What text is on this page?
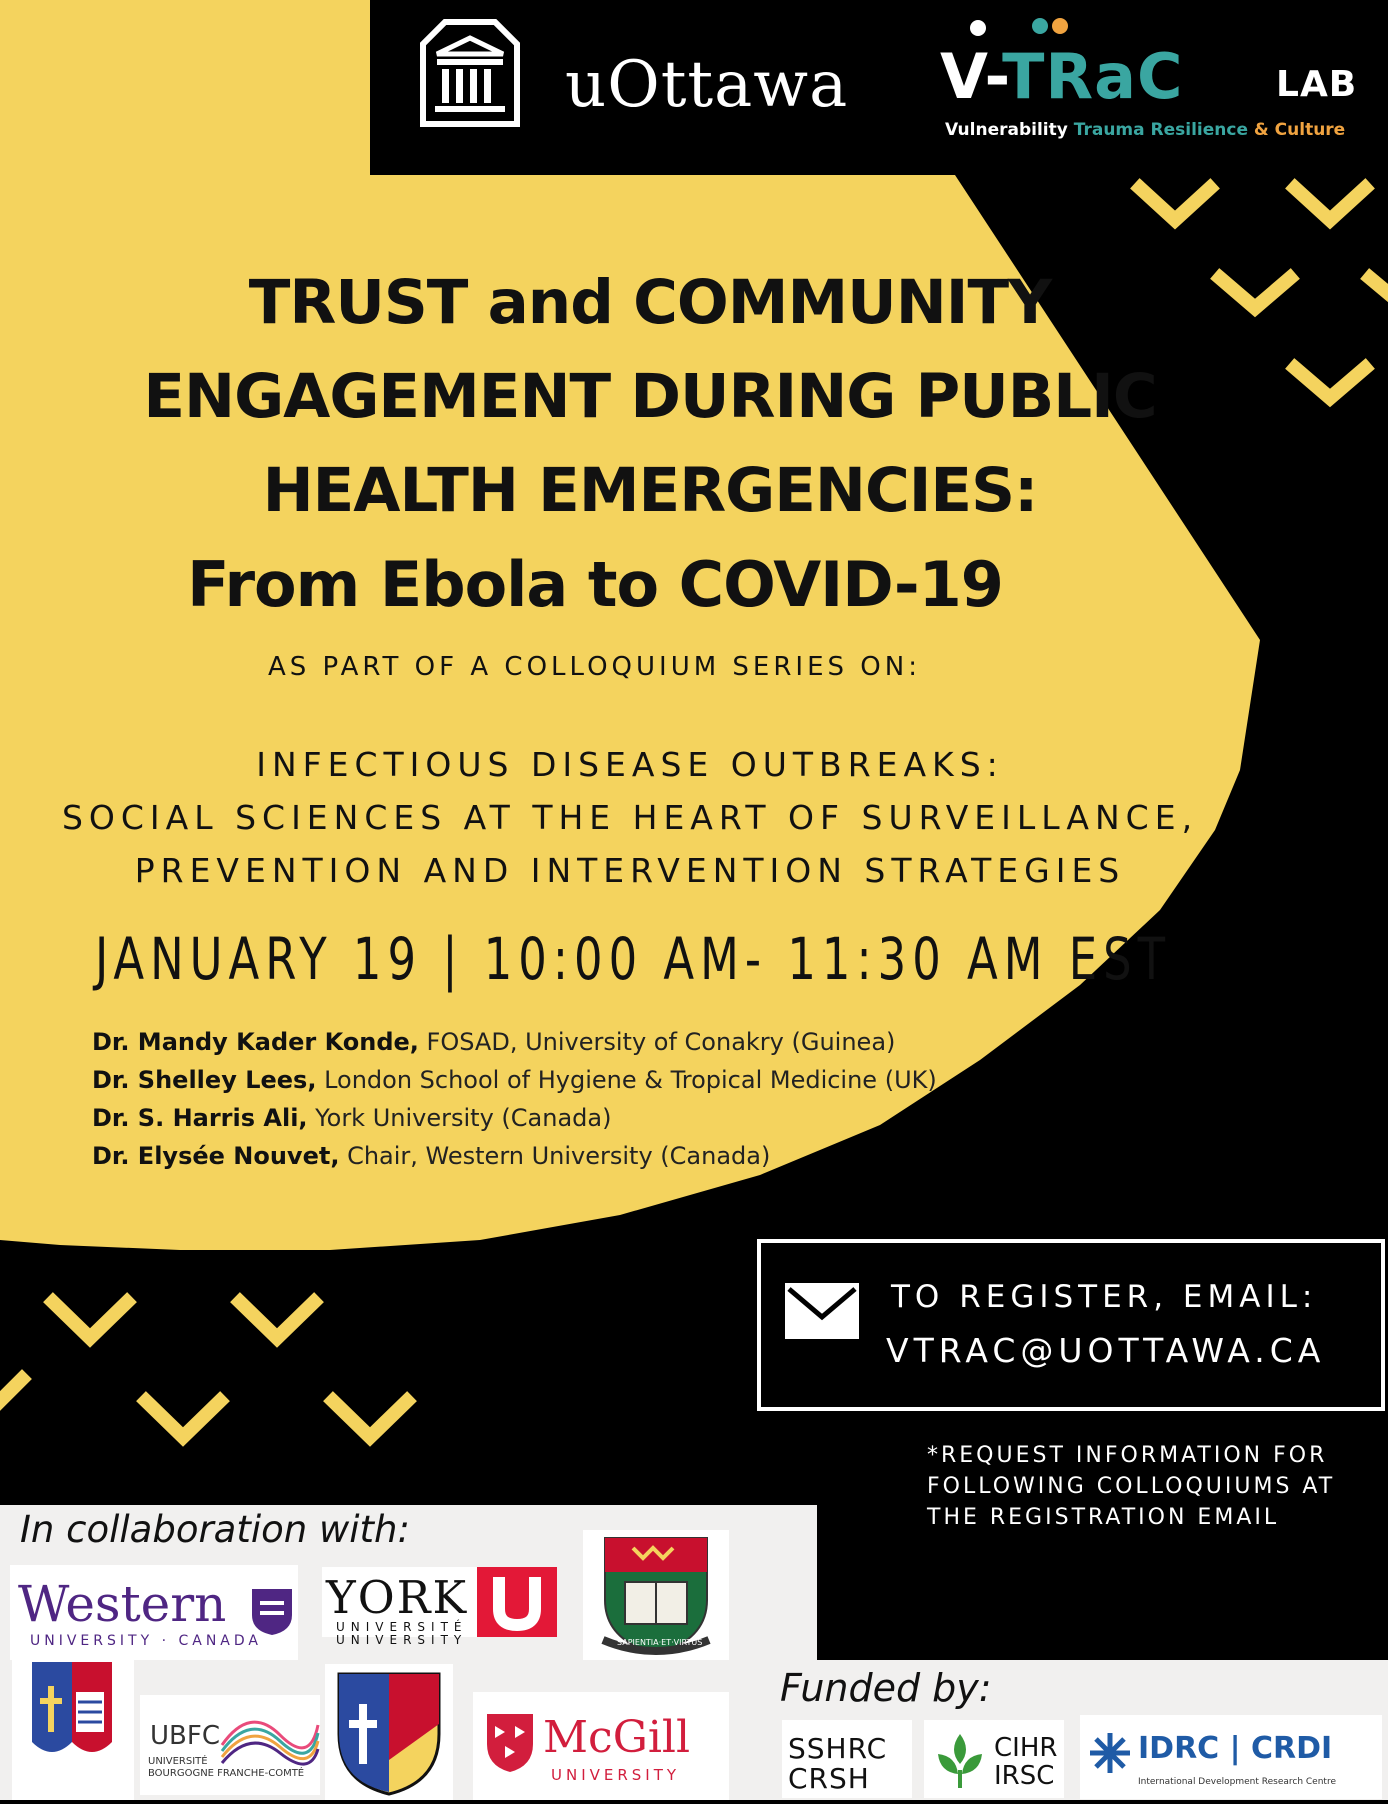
uOttawa V-TRaC	LAB
Vulnerability Trauma Resilience & Culture
TRUST and COMMUNITY
ENGAGEMENT DURING PUBLIC
HEALTH EMERGENCIES:
From Ebola to COVID-19
AS PART OF A COLLOQUIUM SERIES ON:
INFECTIOUS DISEASE OUTBREAKS:
SOCIAL SCIENCES AT THE HEART OF SURVEILLANCE,
PREVENTION AND INTERVENTION STRATEGIES
JANUARY 19 | 10:00 AM- 11:30 AM EST
Dr. Mandy Kader Konde, FOSAD, University of Conakry (Guinea)
Dr. Shelley Lees, London School of Hygiene & Tropical Medicine (UK)
Dr. S. Harris Ali, York University (Canada)
Dr. Elysée Nouvet, Chair, Western University (Canada)
TO REGISTER, EMAIL:
VTRAC@UOTTAWA.CA
*REQUEST INFORMATION FOR
FOLLOWING COLLOQUIUMS AT
THE REGISTRATION EMAIL
In collaboration with:
Western
UNIVERSITY · CANADA
YORK
UNIVERSITÉ
UNIVERSITY	SAPIENTIA·ET·VIRTUS
UBFC
UNIVERSITÉ
BOURGOGNE FRANCHE-COMTÉ
McGill
UNIVERSITY
Funded by:
SSHRC
CRSH
CIHR
IRSC
IDRC | CRDI
International Development Research Centre
